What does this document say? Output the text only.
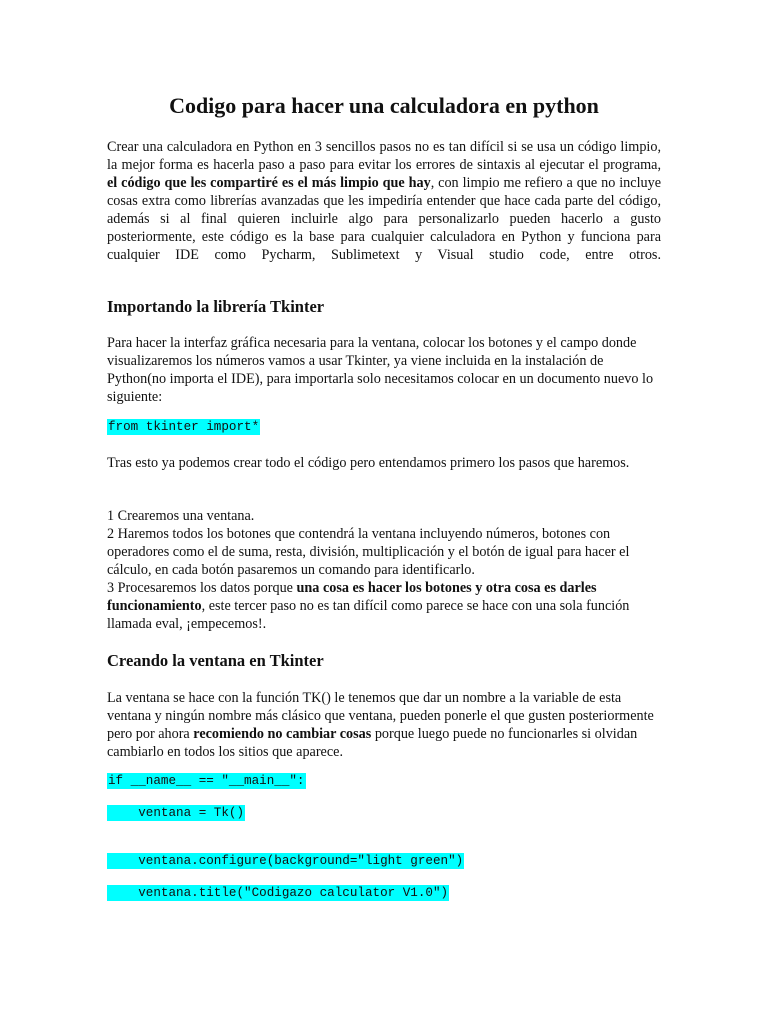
Codigo para hacer una calculadora en python

Crear una calculadora en Python en 3 sencillos pasos no es tan difícil si se usa un código limpio, la mejor forma es hacerla paso a paso para evitar los errores de sintaxis al ejecutar el programa, el código que les compartiré es el más limpio que hay, con limpio me refiero a que no incluye cosas extra como librerías avanzadas que les impediría entender que hace cada parte del código, además si al final quieren incluirle algo para personalizarlo pueden hacerlo a gusto posteriormente, este código es la base para cualquier calculadora en Python y funciona para cualquier IDE como Pycharm, Sublimetext y Visual studio code, entre otros.

Importando la librería Tkinter

Para hacer la interfaz gráfica necesaria para la ventana, colocar los botones y el campo donde visualizaremos los números vamos a usar Tkinter, ya viene incluida en la instalación de Python(no importa el IDE), para importarla solo necesitamos colocar en un documento nuevo lo siguiente:

from tkinter import*

Tras esto ya podemos crear todo el código pero entendamos primero los pasos que haremos.

1 Crearemos una ventana.

2 Haremos todos los botones que contendrá la ventana incluyendo números, botones con operadores como el de suma, resta, división, multiplicación y el botón de igual para hacer el cálculo, en cada botón pasaremos un comando para identificarlo.

3 Procesaremos los datos porque una cosa es hacer los botones y otra cosa es darles funcionamiento, este tercer paso no es tan difícil como parece se hace con una sola función llamada eval, ¡empecemos!.

Creando la ventana en Tkinter

La ventana se hace con la función TK() le tenemos que dar un nombre a la variable de esta ventana y ningún nombre más clásico que ventana, pueden ponerle el que gusten posteriormente pero por ahora recomiendo no cambiar cosas porque luego puede no funcionarles si olvidan cambiarlo en todos los sitios que aparece.

if __name__ == "__main__":
ventana = Tk()
ventana.configure(background="light green")
ventana.title("Codigazo calculator V1.0")
